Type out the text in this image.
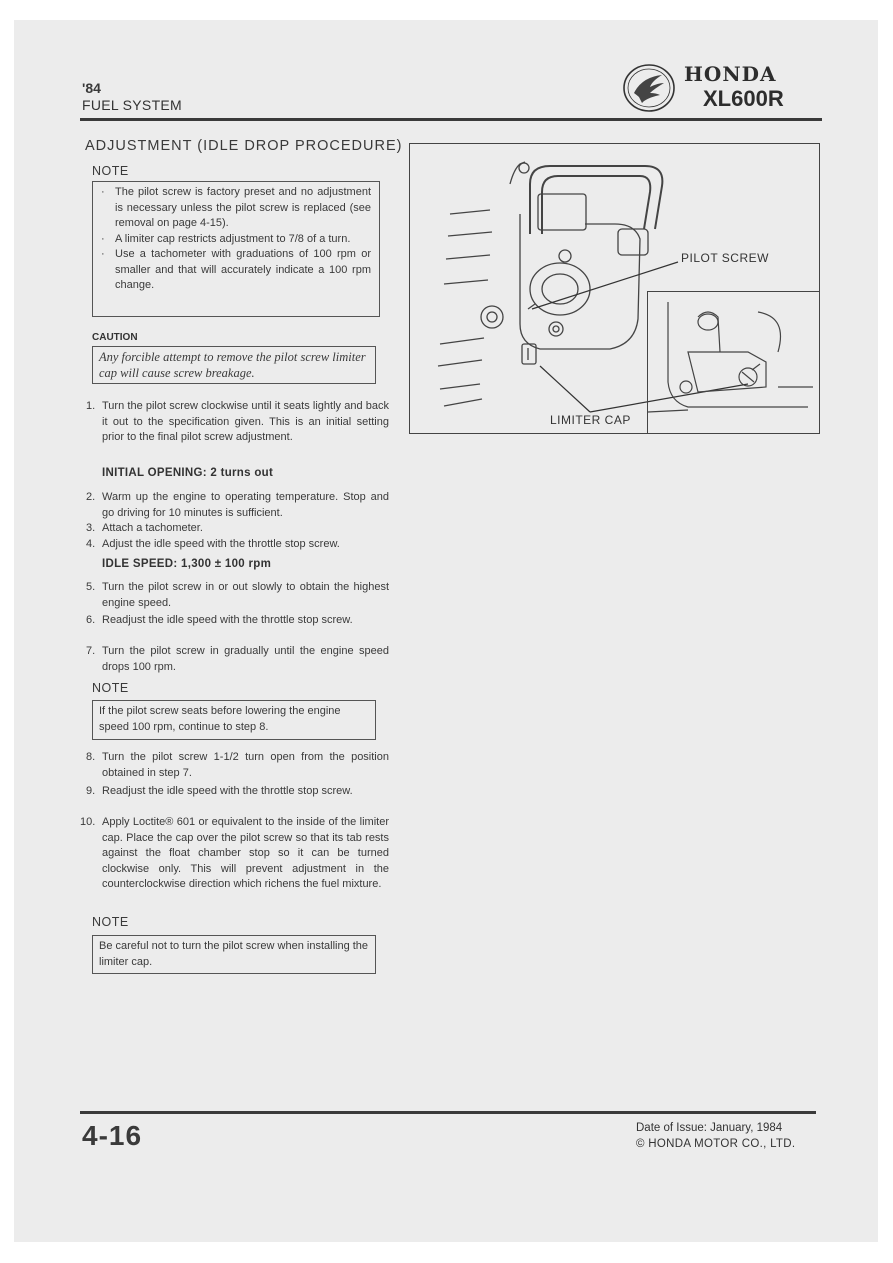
'84
FUEL SYSTEM
HONDA
XL600R
ADJUSTMENT (IDLE DROP PROCEDURE)
NOTE
· The pilot screw is factory preset and no adjustment is necessary unless the pilot screw is replaced (see removal on page 4-15).
· A limiter cap restricts adjustment to 7/8 of a turn.
· Use a tachometer with graduations of 100 rpm or smaller and that will accurately indicate a 100 rpm change.
CAUTION
Any forcible attempt to remove the pilot screw limiter cap will cause screw breakage.
1. Turn the pilot screw clockwise until it seats lightly and back it out to the specification given. This is an initial setting prior to the final pilot screw adjustment.
INITIAL OPENING: 2 turns out
2. Warm up the engine to operating temperature. Stop and go driving for 10 minutes is sufficient.
3. Attach a tachometer.
4. Adjust the idle speed with the throttle stop screw.
IDLE SPEED: 1,300 ± 100 rpm
5. Turn the pilot screw in or out slowly to obtain the highest engine speed.
6. Readjust the idle speed with the throttle stop screw.
7. Turn the pilot screw in gradually until the engine speed drops 100 rpm.
NOTE
If the pilot screw seats before lowering the engine speed 100 rpm, continue to step 8.
8. Turn the pilot screw 1-1/2 turn open from the position obtained in step 7.
9. Readjust the idle speed with the throttle stop screw.
10. Apply Loctite® 601 or equivalent to the inside of the limiter cap. Place the cap over the pilot screw so that its tab rests against the float chamber stop so it can be turned clockwise only. This will prevent adjustment in the counterclockwise direction which richens the fuel mixture.
NOTE
Be careful not to turn the pilot screw when installing the limiter cap.
PILOT SCREW
LIMITER CAP
4-16	Date of Issue: January, 1984
© HONDA MOTOR CO., LTD.
